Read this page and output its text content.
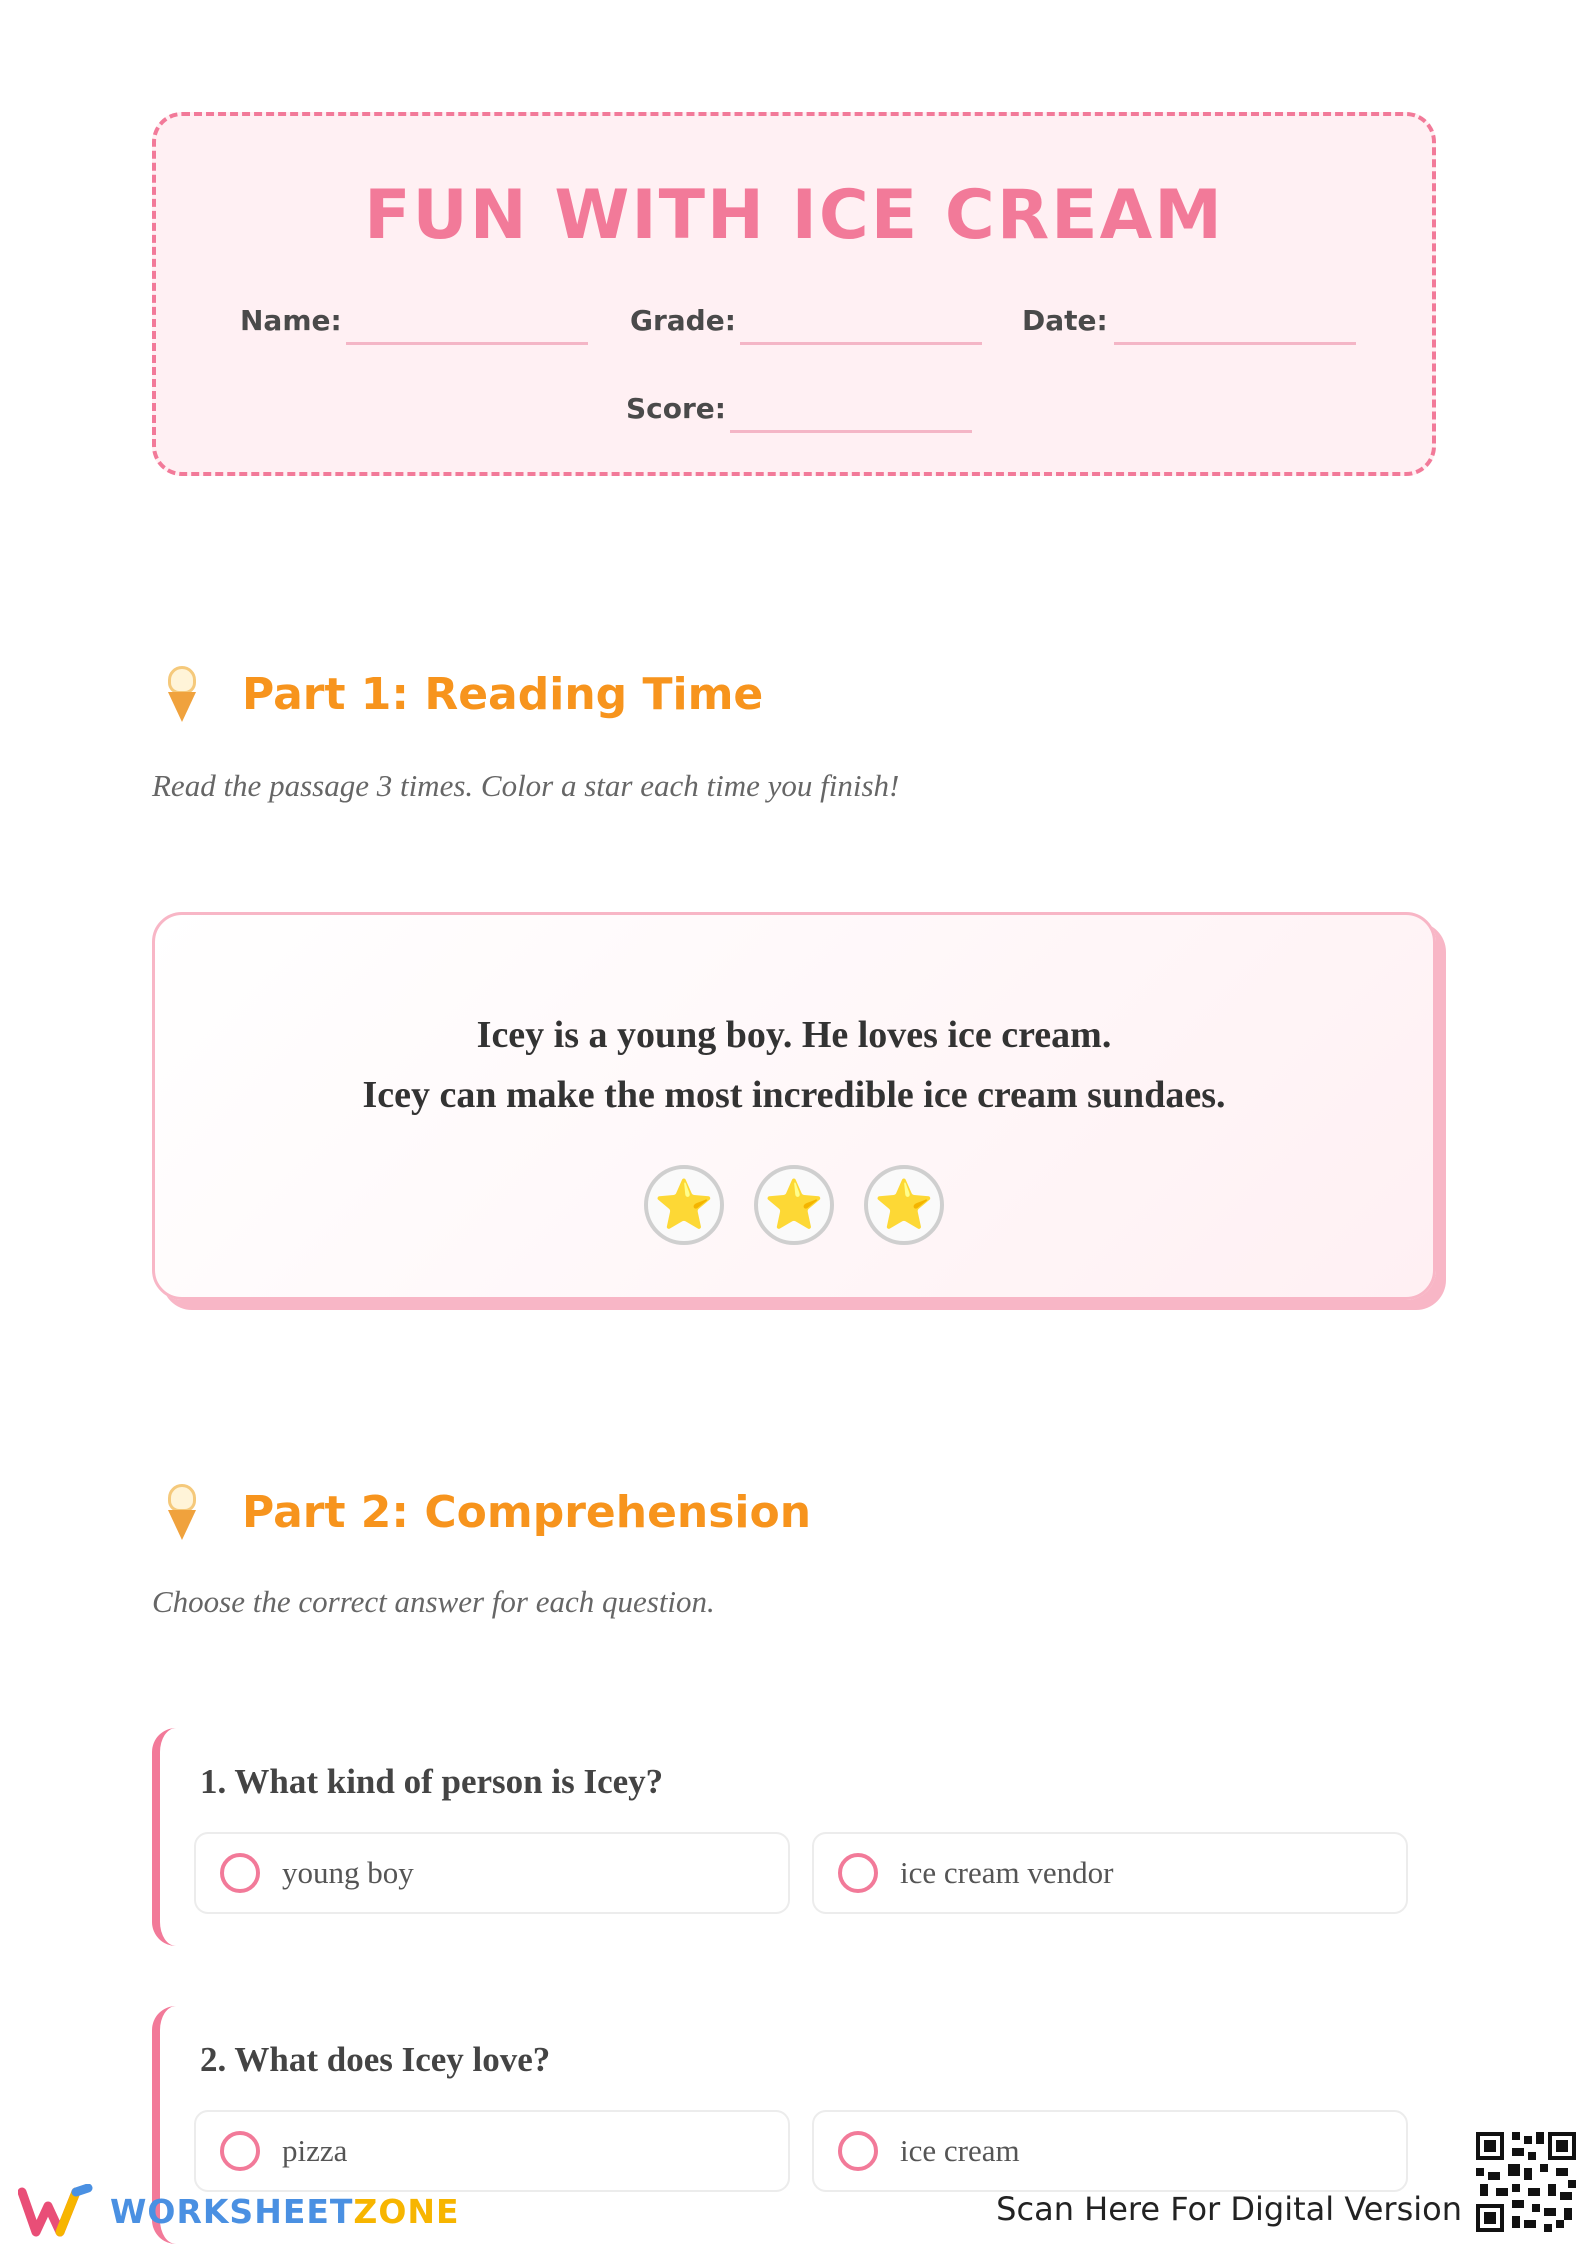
FUN WITH ICE CREAM
Name:	Grade:	Date:
Score:
Part 1: Reading Time
Read the passage 3 times. Color a star each time you finish!
Icey is a young boy. He loves ice cream.
Icey can make the most incredible ice cream sundaes.
⭐ ⭐ ⭐
Part 2: Comprehension
Choose the correct answer for each question.
1. What kind of person is Icey?
young boy	ice cream vendor
2. What does Icey love?
pizza	ice cream
WORKSHEETZONE	Scan Here For Digital Version
